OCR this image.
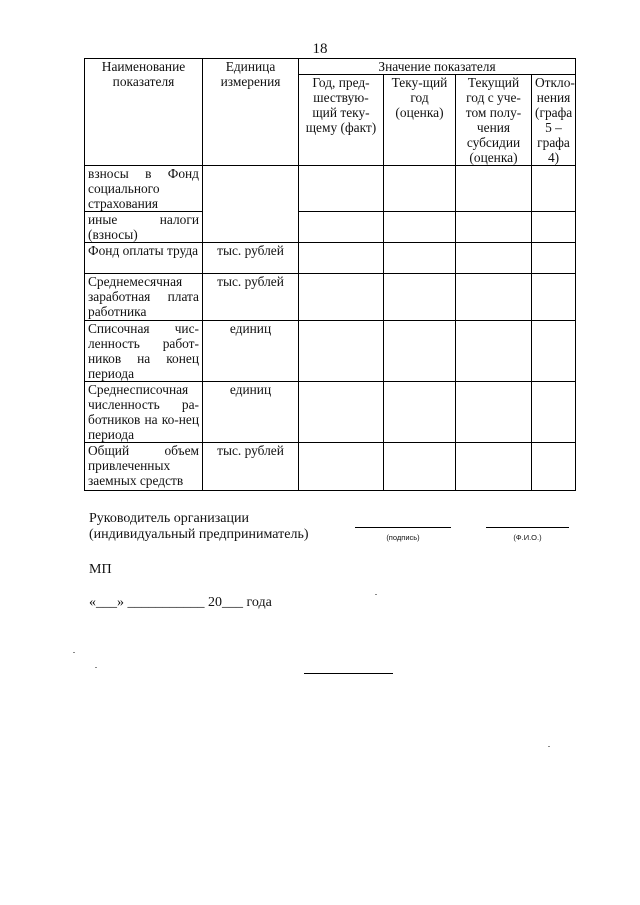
18
Наименование показателя	Единица измерения	Значение показателя			
		Год, пред-шествую-щий теку-щему (факт)	Теку-щий год (оценка)	Текущий год с уче-том полу-чения субсидии (оценка)	Откло-нения (графа 5 – графа 4)
взносы в Фонд социального страхования					
иные налоги (взносы)					
Фонд оплаты труда	тыс. рублей				
Среднемесячная заработная плата работника	тыс. рублей				
Списочная чис-ленность работ-ников на конец периода	единиц				
Среднесписочная численность ра-ботников на ко-нец периода	единиц				
Общий объем привлеченных заемных средств	тыс. рублей				
Руководитель организации
(индивидуальный предприниматель)	(подпись)	(Ф.И.О.)
МП
«___» ___________ 20___ года
